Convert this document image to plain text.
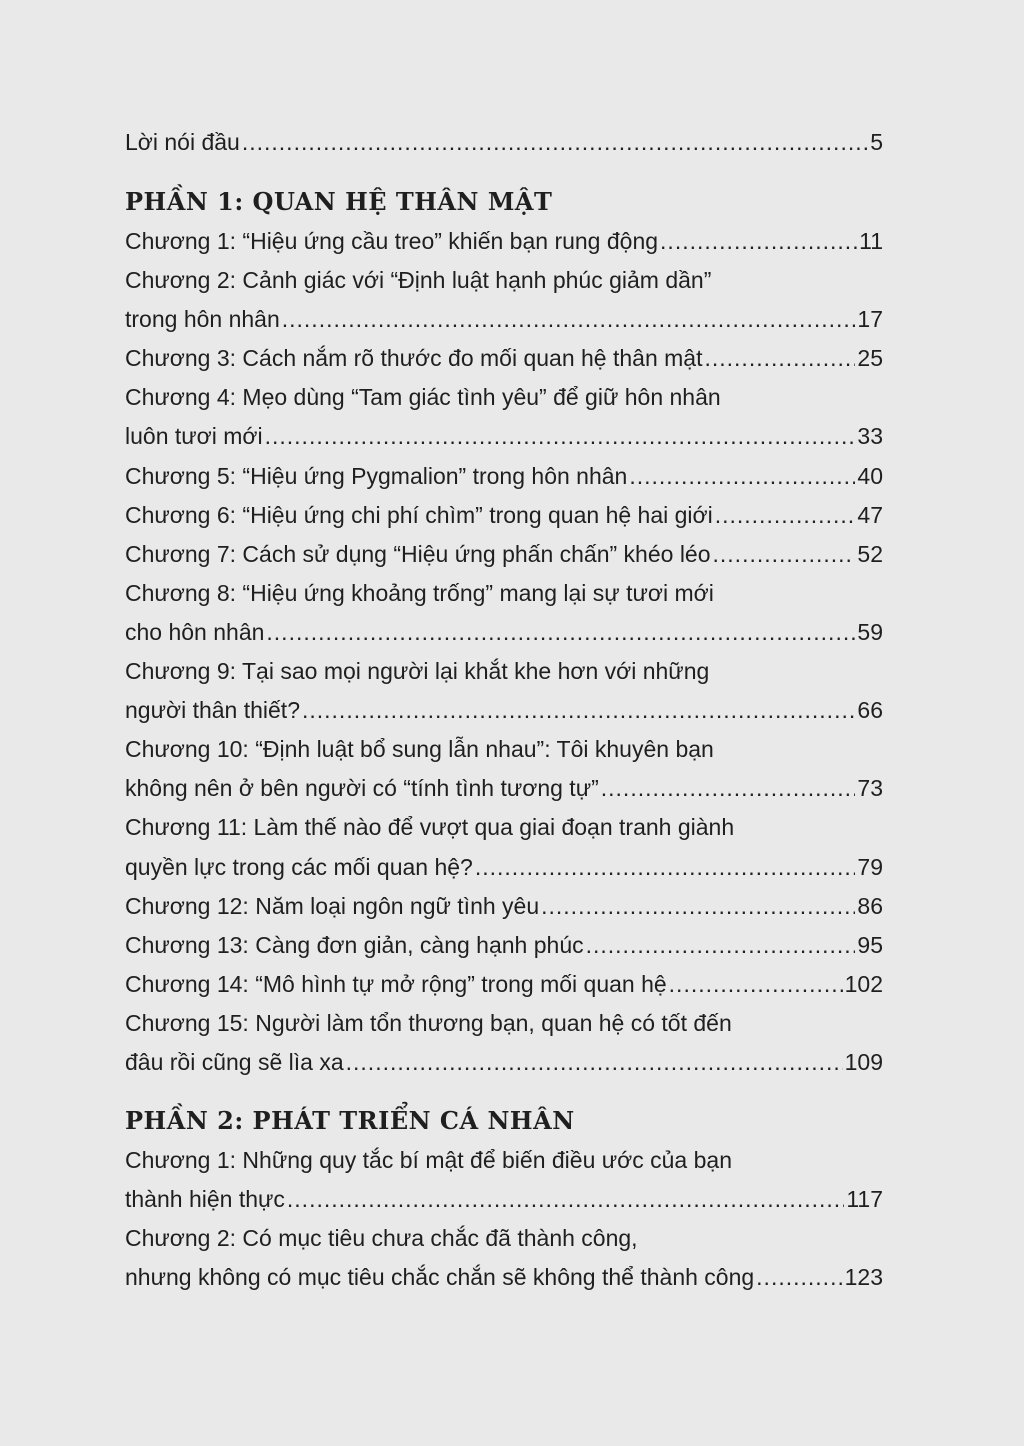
Lời nói đầu .....	5
PHẦN 1: QUAN HỆ THÂN MẬT
Chương 1: “Hiệu ứng cầu treo” khiến bạn rung động .....	11
Chương 2: Cảnh giác với “Định luật hạnh phúc giảm dần”
trong hôn nhân .....	17
Chương 3: Cách nắm rõ thước đo mối quan hệ thân mật .....	25
Chương 4: Mẹo dùng “Tam giác tình yêu” để giữ hôn nhân
luôn tươi mới .....	33
Chương 5: “Hiệu ứng Pygmalion” trong hôn nhân .....	40
Chương 6: “Hiệu ứng chi phí chìm” trong quan hệ hai giới .....	47
Chương 7: Cách sử dụng “Hiệu ứng phấn chấn” khéo léo .....	52
Chương 8: “Hiệu ứng khoảng trống” mang lại sự tươi mới
cho hôn nhân .....	59
Chương 9: Tại sao mọi người lại khắt khe hơn với những
người thân thiết? .....	66
Chương 10: “Định luật bổ sung lẫn nhau”: Tôi khuyên bạn
không nên ở bên người có “tính tình tương tự” .....	73
Chương 11: Làm thế nào để vượt qua giai đoạn tranh giành
quyền lực trong các mối quan hệ? .....	79
Chương 12: Năm loại ngôn ngữ tình yêu .....	86
Chương 13: Càng đơn giản, càng hạnh phúc .....	95
Chương 14: “Mô hình tự mở rộng” trong mối quan hệ .....	102
Chương 15: Người làm tổn thương bạn, quan hệ có tốt đến
đâu rồi cũng sẽ lìa xa .....	109
PHẦN 2: PHÁT TRIỂN CÁ NHÂN
Chương 1: Những quy tắc bí mật để biến điều ước của bạn
thành hiện thực .....	117
Chương 2: Có mục tiêu chưa chắc đã thành công,
nhưng không có mục tiêu chắc chắn sẽ không thể thành công .....	123
